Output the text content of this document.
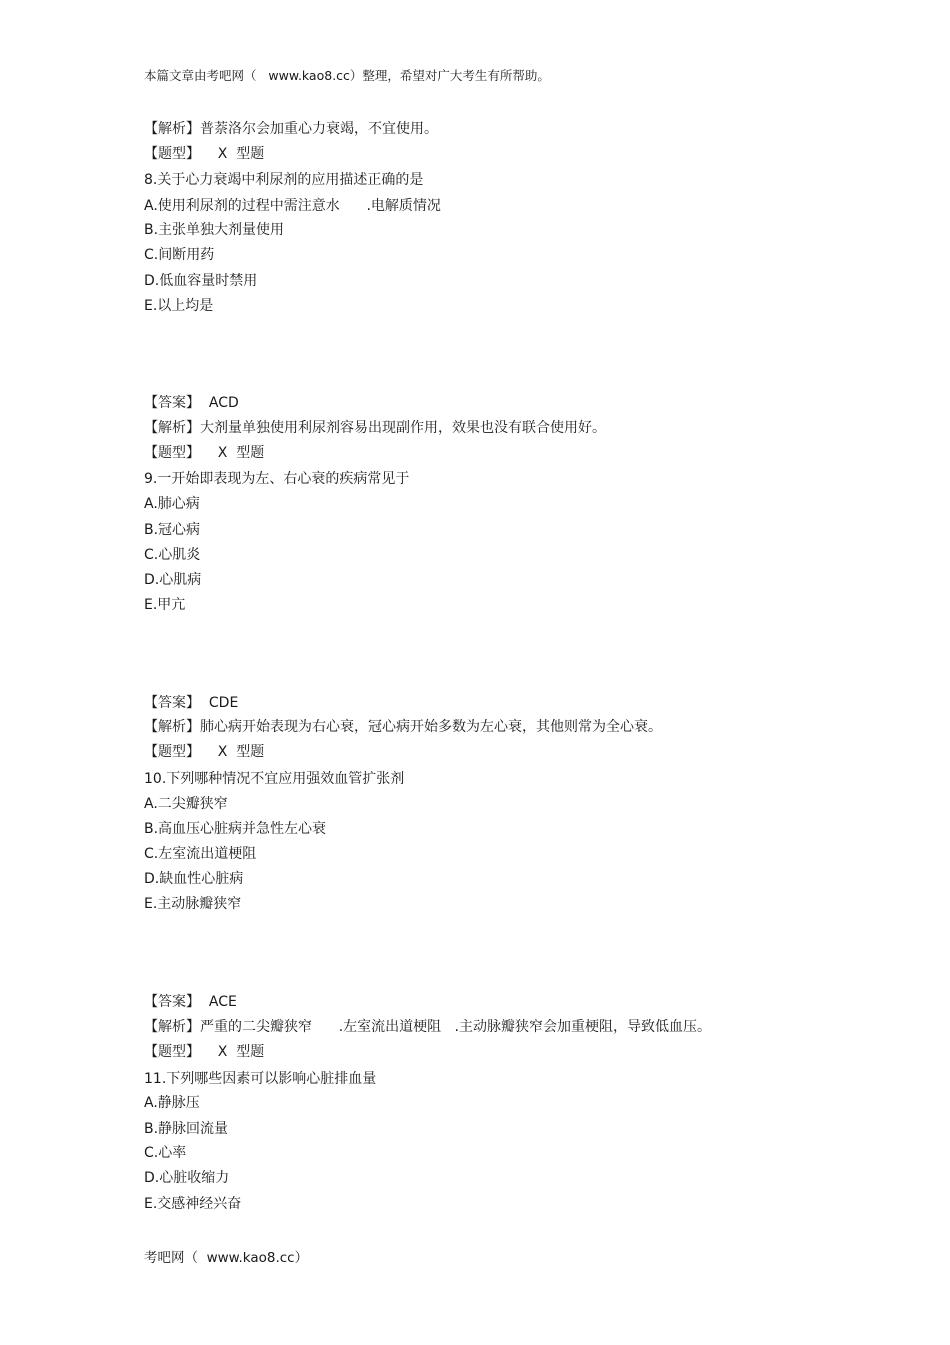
本篇文章由考吧网（   www.kao8.cc）整理，希望对广大考生有所帮助。
【解析】普萘洛尔会加重心力衰竭，不宜使用。
【题型】    X  型题
8.关于心力衰竭中利尿剂的应用描述正确的是
A.使用利尿剂的过程中需注意水      .电解质情况
B.主张单独大剂量使用
C.间断用药
D.低血容量时禁用
E.以上均是
【答案】  ACD
【解析】大剂量单独使用利尿剂容易出现副作用，效果也没有联合使用好。
【题型】    X  型题
9.一开始即表现为左、右心衰的疾病常见于
A.肺心病
B.冠心病
C.心肌炎
D.心肌病
E.甲亢
【答案】  CDE
【解析】肺心病开始表现为右心衰，冠心病开始多数为左心衰，其他则常为全心衰。
【题型】    X  型题
10.下列哪种情况不宜应用强效血管扩张剂
A.二尖瓣狭窄
B.高血压心脏病并急性左心衰
C.左室流出道梗阻
D.缺血性心脏病
E.主动脉瓣狭窄
【答案】  ACE
【解析】严重的二尖瓣狭窄      .左室流出道梗阻   .主动脉瓣狭窄会加重梗阻，导致低血压。
【题型】    X  型题
11.下列哪些因素可以影响心脏排血量
A.静脉压
B.静脉回流量
C.心率
D.心脏收缩力
E.交感神经兴奋
考吧网（  www.kao8.cc）
